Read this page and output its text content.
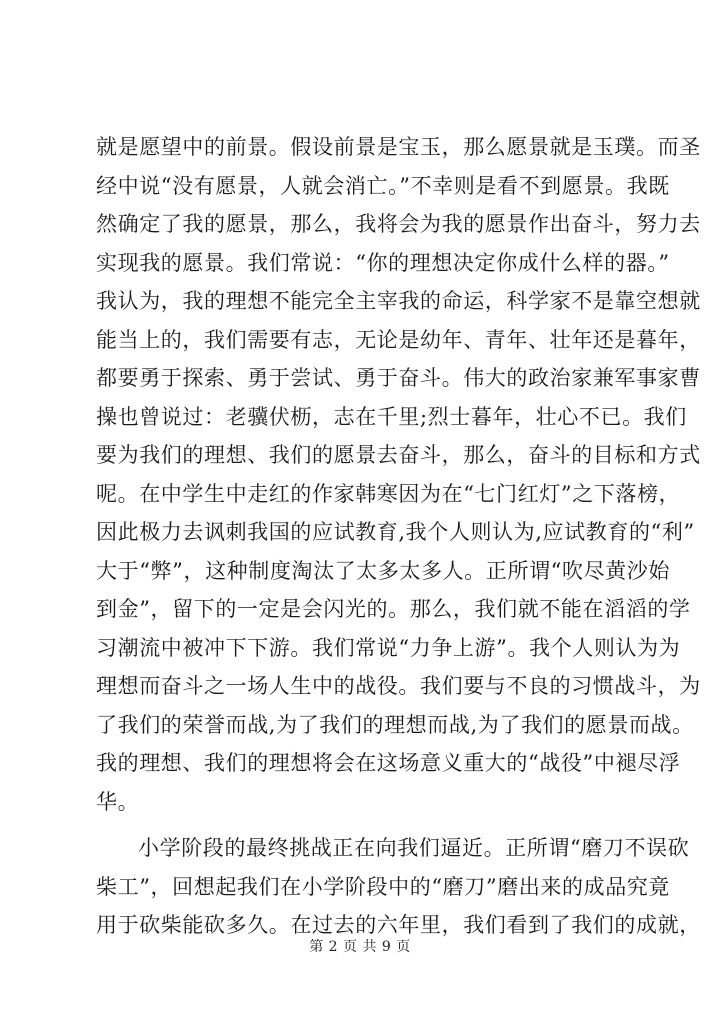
就是愿望中的前景。假设前景是宝玉，那么愿景就是玉璞。而圣
经中说“没有愿景，人就会消亡。”不幸则是看不到愿景。我既
然确定了我的愿景，那么，我将会为我的愿景作出奋斗，努力去
实现我的愿景。我们常说：“你的理想决定你成什么样的器。”
我认为，我的理想不能完全主宰我的命运，科学家不是靠空想就
能当上的，我们需要有志，无论是幼年、青年、壮年还是暮年，
都要勇于探索、勇于尝试、勇于奋斗。伟大的政治家兼军事家曹
操也曾说过：老骥伏枥，志在千里;烈士暮年，壮心不已。我们
要为我们的理想、我们的愿景去奋斗，那么，奋斗的目标和方式
呢。在中学生中走红的作家韩寒因为在“七门红灯”之下落榜，
因此极力去讽刺我国的应试教育,我个人则认为,应试教育的“利”
大于“弊”，这种制度淘汰了太多太多人。正所谓“吹尽黄沙始
到金”，留下的一定是会闪光的。那么，我们就不能在滔滔的学
习潮流中被冲下下游。我们常说“力争上游”。我个人则认为为
理想而奋斗之一场人生中的战役。我们要与不良的习惯战斗，为
了我们的荣誉而战,为了我们的理想而战,为了我们的愿景而战。
我的理想、我们的理想将会在这场意义重大的“战役”中褪尽浮
华。
小学阶段的最终挑战正在向我们逼近。正所谓“磨刀不误砍
柴工”，回想起我们在小学阶段中的“磨刀”磨出来的成品究竟
用于砍柴能砍多久。在过去的六年里，我们看到了我们的成就，
第 2 页 共 9 页
